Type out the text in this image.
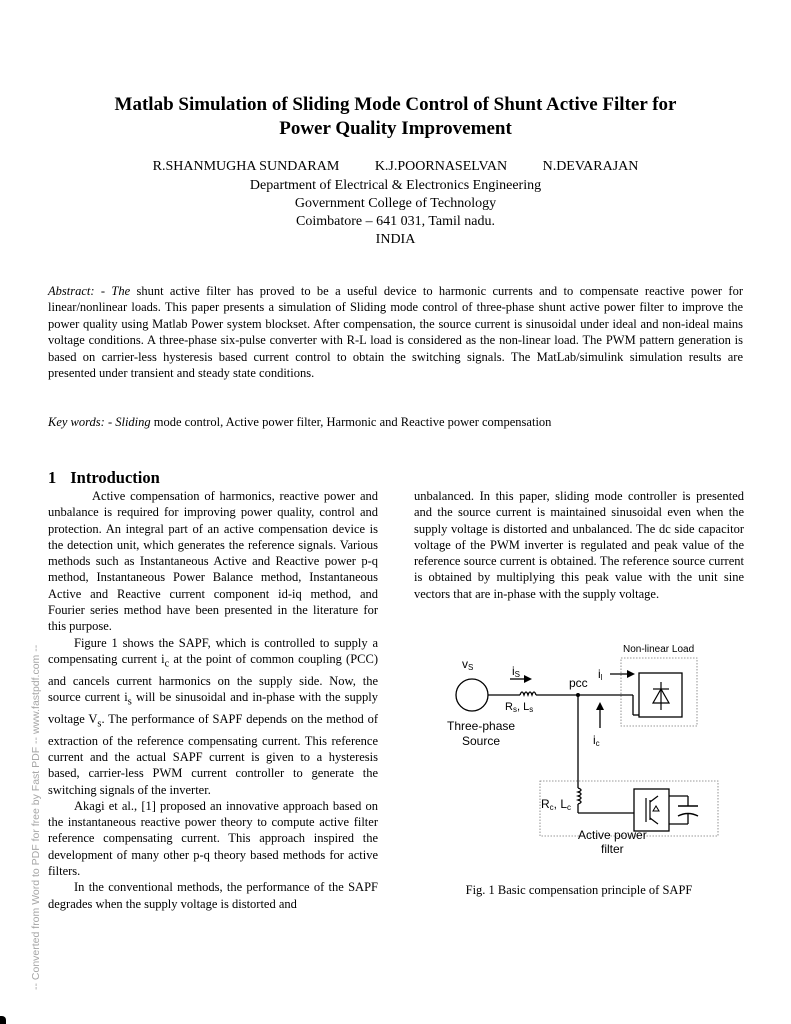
Matlab Simulation of Sliding Mode Control of Shunt Active Filter for
Power Quality Improvement
R.SHANMUGHA SUNDARAM	K.J.POORNASELVAN	N.DEVARAJAN
Department of Electrical & Electronics Engineering
Government College of Technology
Coimbatore – 641 031, Tamil nadu.
INDIA
Abstract: - The shunt active filter has proved to be a useful device to harmonic currents and to compensate reactive power for linear/nonlinear loads. This paper presents a simulation of Sliding mode control of three-phase shunt active power filter to improve the power quality using Matlab Power system blockset. After compensation, the source current is sinusoidal under ideal and non-ideal mains voltage conditions. A three-phase six-pulse converter with R-L load is considered as the non-linear load. The PWM pattern generation is based on carrier-less hysteresis based current control to obtain the switching signals. The MatLab/simulink simulation results are presented under transient and steady state conditions.
Key words: - Sliding mode control, Active power filter, Harmonic and Reactive power compensation
1 Introduction

Active compensation of harmonics, reactive power and unbalance is required for improving power quality, control and protection. An integral part of an active compensation device is the detection unit, which generates the reference signals. Various methods such as Instantaneous Active and Reactive power p-q method, Instantaneous Power Balance method, Instantaneous Active and Reactive current component id-iq method, and Fourier series method have been presented in the literature for this purpose.

Figure 1 shows the SAPF, which is controlled to supply a compensating current $i_c$ at the point of common coupling (PCC) and cancels current harmonics on the supply side. Now, the source current $i_s$ will be sinusoidal and in-phase with the supply voltage $V_s$. The performance of SAPF depends on the method of extraction of the reference compensating current. This reference current and the actual SAPF current is given to a hysteresis based, carrier-less PWM current controller to generate the switching signals of the inverter.

Akagi et al., [1] proposed an innovative approach based on the instantaneous reactive power theory to compute active filter reference compensating current. This approach inspired the development of many other p-q theory based methods for active filters.

In the conventional methods, the performance of the SAPF degrades when the supply voltage is distorted and

unbalanced. In this paper, sliding mode controller is presented and the source current is maintained sinusoidal even when the supply voltage is distorted and unbalanced. The dc side capacitor voltage of the PWM inverter is regulated and peak value of the reference source current is obtained. The reference source current is obtained by multiplying this peak value with the unit sine vectors that are in-phase with the supply voltage.

Non-linear Load
vS	iS	il
pcc
Rs, Ls
Three-phase
Source	ic
Rc, Lc
Active power
filter
Fig. 1 Basic compensation principle of SAPF
-- Converted from Word to PDF for free by Fast PDF -- www.fastpdf.com --
